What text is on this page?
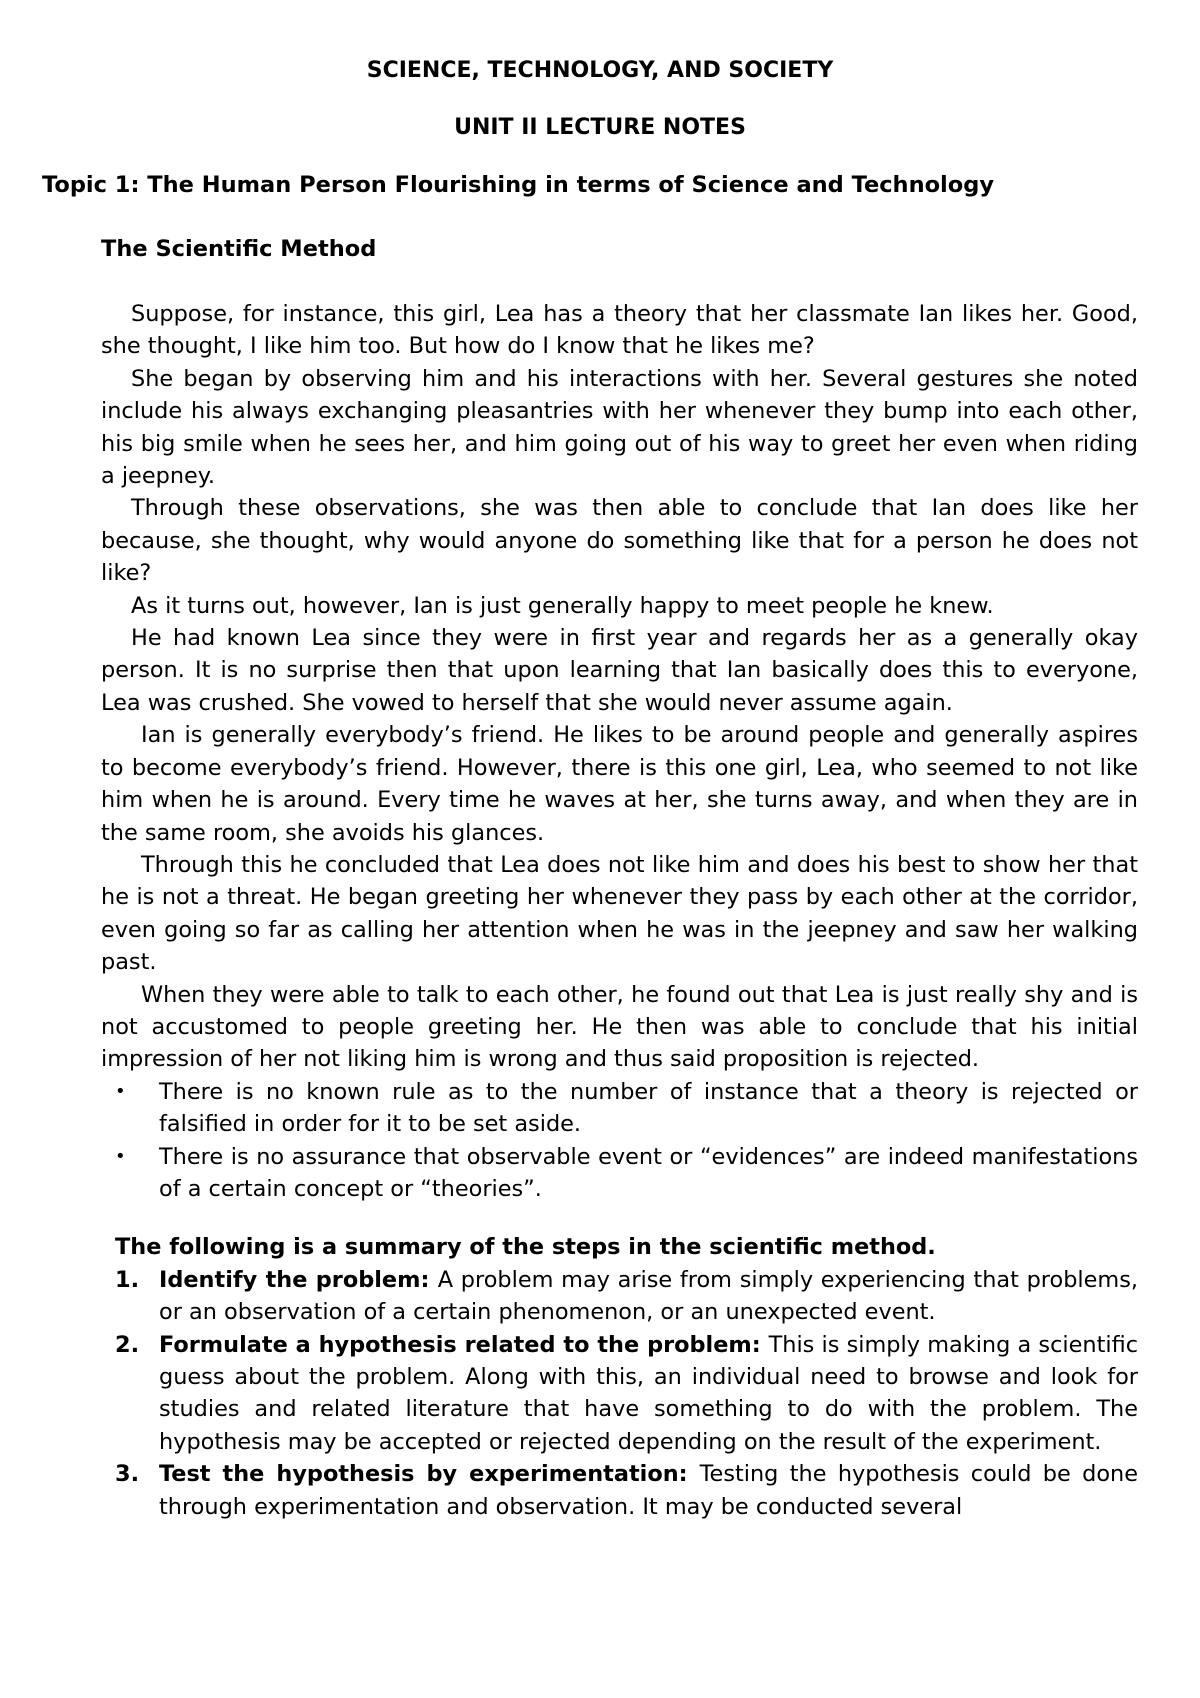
SCIENCE, TECHNOLOGY, AND SOCIETY
UNIT II LECTURE NOTES
Topic 1: The Human Person Flourishing in terms of Science and Technology
The Scientific Method

Suppose, for instance, this girl, Lea has a theory that her classmate Ian likes her. Good, she thought, I like him too. But how do I know that he likes me?

She began by observing him and his interactions with her. Several gestures she noted include his always exchanging pleasantries with her whenever they bump into each other, his big smile when he sees her, and him going out of his way to greet her even when riding a jeepney.

Through these observations, she was then able to conclude that Ian does like her because, she thought, why would anyone do something like that for a person he does not like?

As it turns out, however, Ian is just generally happy to meet people he knew.

He had known Lea since they were in first year and regards her as a generally okay person. It is no surprise then that upon learning that Ian basically does this to everyone, Lea was crushed. She vowed to herself that she would never assume again.

Ian is generally everybody’s friend. He likes to be around people and generally aspires to become everybody’s friend. However, there is this one girl, Lea, who seemed to not like him when he is around. Every time he waves at her, she turns away, and when they are in the same room, she avoids his glances.

Through this he concluded that Lea does not like him and does his best to show her that he is not a threat. He began greeting her whenever they pass by each other at the corridor, even going so far as calling her attention when he was in the jeepney and saw her walking past.

When they were able to talk to each other, he found out that Lea is just really shy and is not accustomed to people greeting her. He then was able to conclude that his initial impression of her not liking him is wrong and thus said proposition is rejected.

• There is no known rule as to the number of instance that a theory is rejected or falsified in order for it to be set aside.
• There is no assurance that observable event or “evidences” are indeed manifestations of a certain concept or “theories”.

The following is a summary of the steps in the scientific method.

1. Identify the problem: A problem may arise from simply experiencing that problems, or an observation of a certain phenomenon, or an unexpected event.
2. Formulate a hypothesis related to the problem: This is simply making a scientific guess about the problem. Along with this, an individual need to browse and look for studies and related literature that have something to do with the problem. The hypothesis may be accepted or rejected depending on the result of the experiment.
3. Test the hypothesis by experimentation: Testing the hypothesis could be done through experimentation and observation. It may be conducted several
